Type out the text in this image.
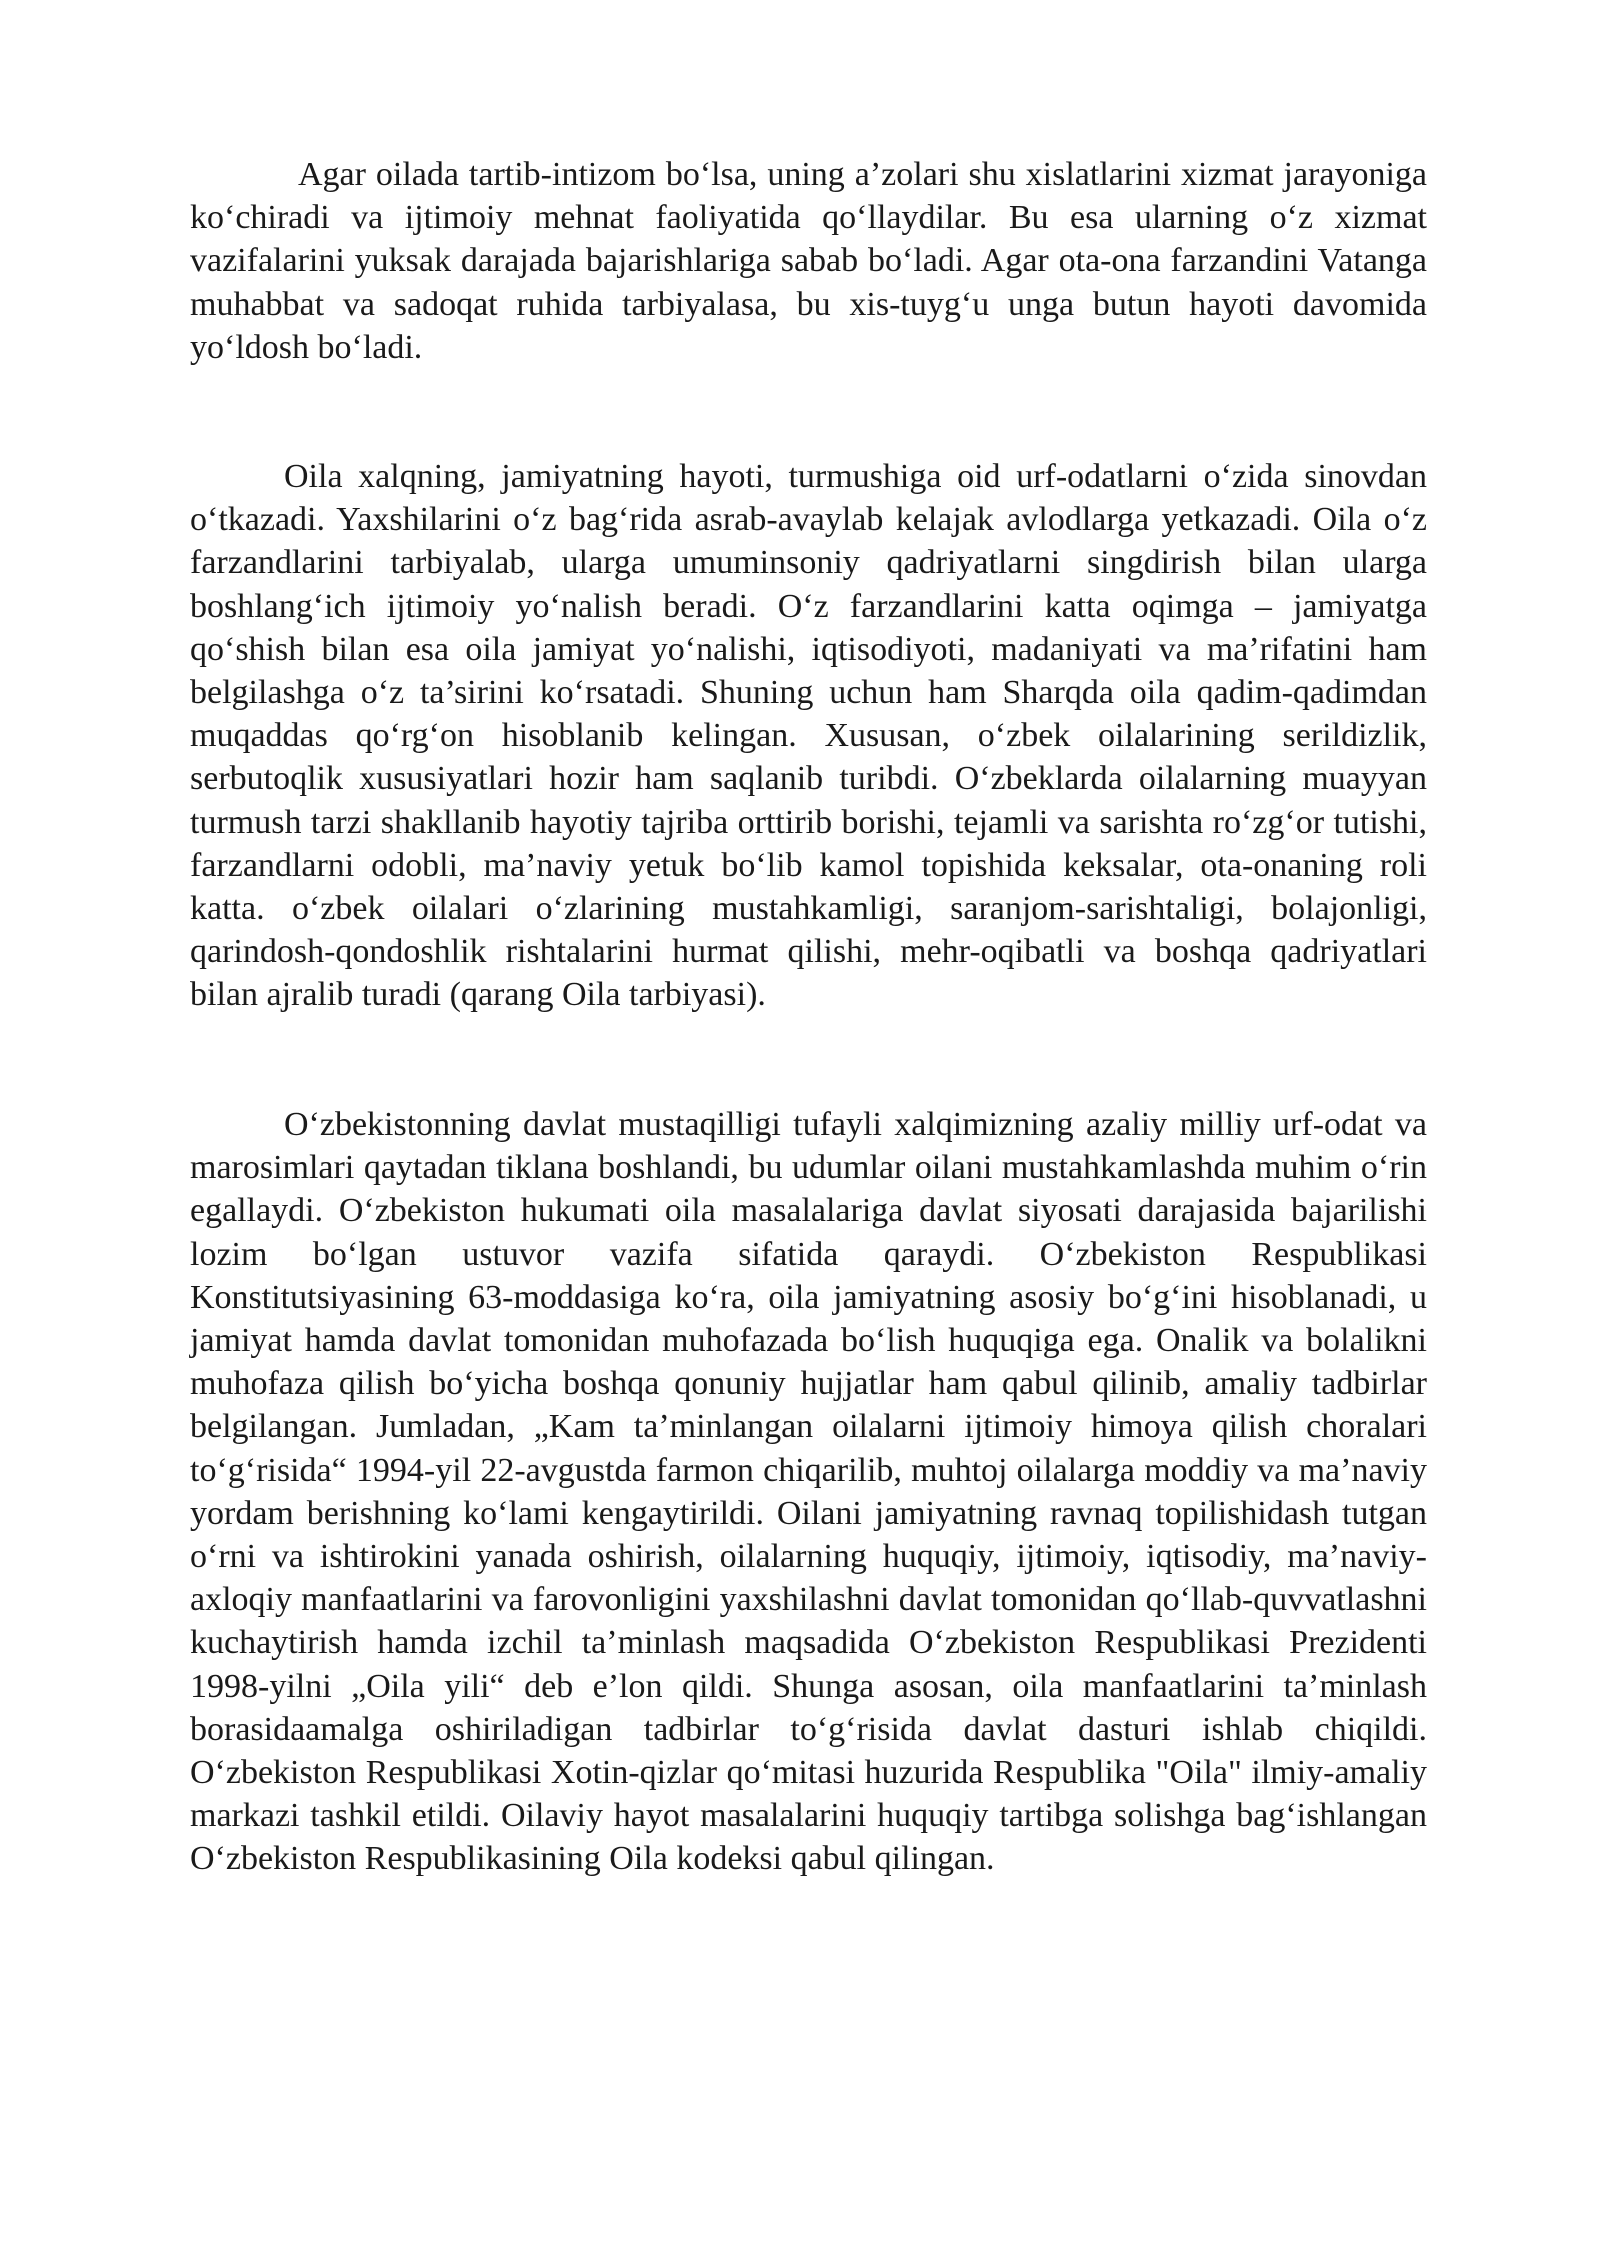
Agar oilada tartib-intizom bo‘lsa, uning a’zolari shu xislatlarini xizmat jarayoniga ko‘chiradi va ijtimoiy mehnat faoliyatida qo‘llaydilar. Bu esa ularning o‘z xizmat vazifalarini yuksak darajada bajarishlariga sabab bo‘ladi. Agar ota-ona farzandini Vatanga muhabbat va sadoqat ruhida tarbiyalasa, bu xis-tuyg‘u unga butun hayoti davomida yo‘ldosh bo‘ladi.

Oila xalqning, jamiyatning hayoti, turmushiga oid urf-odatlarni o‘zida sinovdan o‘tkazadi. Yaxshilarini o‘z bag‘rida asrab-avaylab kelajak avlodlarga yetkazadi. Oila o‘z farzandlarini tarbiyalab, ularga umuminsoniy qadriyatlarni singdirish bilan ularga boshlang‘ich ijtimoiy yo‘nalish beradi. O‘z farzandlarini katta oqimga – jamiyatga qo‘shish bilan esa oila jamiyat yo‘nalishi, iqtisodiyoti, madaniyati va ma’rifatini ham belgilashga o‘z ta’sirini ko‘rsatadi. Shuning uchun ham Sharqda oila qadim-qadimdan muqaddas qo‘rg‘on hisoblanib kelingan. Xususan, o‘zbek oilalarining serildizlik, serbutoqlik xususiyatlari hozir ham saqlanib turibdi. O‘zbeklarda oilalarning muayyan turmush tarzi shakllanib hayotiy tajriba orttirib borishi, tejamli va sarishta ro‘zg‘or tutishi, farzandlarni odobli, ma’naviy yetuk bo‘lib kamol topishida keksalar, ota-onaning roli katta. o‘zbek oilalari o‘zlarining mustahkamligi, saranjom-sarishtaligi, bolajonligi, qarindosh-qondoshlik rishtalarini hurmat qilishi, mehr-oqibatli va boshqa qadriyatlari bilan ajralib turadi (qarang Oila tarbiyasi).

O‘zbekistonning davlat mustaqilligi tufayli xalqimizning azaliy milliy urf-odat va marosimlari qaytadan tiklana boshlandi, bu udumlar oilani mustahkamlashda muhim o‘rin egallaydi. O‘zbekiston hukumati oila masalalariga davlat siyosati darajasida bajarilishi lozim bo‘lgan ustuvor vazifa sifatida qaraydi. O‘zbekiston Respublikasi Konstitutsiyasining 63-moddasiga ko‘ra, oila jamiyatning asosiy bo‘g‘ini hisoblanadi, u jamiyat hamda davlat tomonidan muhofazada bo‘lish huquqiga ega. Onalik va bolalikni muhofaza qilish bo‘yicha boshqa qonuniy hujjatlar ham qabul qilinib, amaliy tadbirlar belgilangan. Jumladan, „Kam ta’minlangan oilalarni ijtimoiy himoya qilish choralari to‘g‘risida“ 1994-yil 22-avgustda farmon chiqarilib, muhtoj oilalarga moddiy va ma’naviy yordam berishning ko‘lami kengaytirildi. Oilani jamiyatning ravnaq topilishidash tutgan o‘rni va ishtirokini yanada oshirish, oilalarning huquqiy, ijtimoiy, iqtisodiy, ma’naviy-axloqiy manfaatlarini va farovonligini yaxshilashni davlat tomonidan qo‘llab-quvvatlashni kuchaytirish hamda izchil ta’minlash maqsadida O‘zbekiston Respublikasi Prezidenti 1998-yilni „Oila yili“ deb e’lon qildi. Shunga asosan, oila manfaatlarini ta’minlash borasidaamalga oshiriladigan tadbirlar to‘g‘risida davlat dasturi ishlab chiqildi. O‘zbekiston Respublikasi Xotin-qizlar qo‘mitasi huzurida Respublika "Oila" ilmiy-amaliy markazi tashkil etildi. Oilaviy hayot masalalarini huquqiy tartibga solishga bag‘ishlangan O‘zbekiston Respublikasining Oila kodeksi qabul qilingan.
